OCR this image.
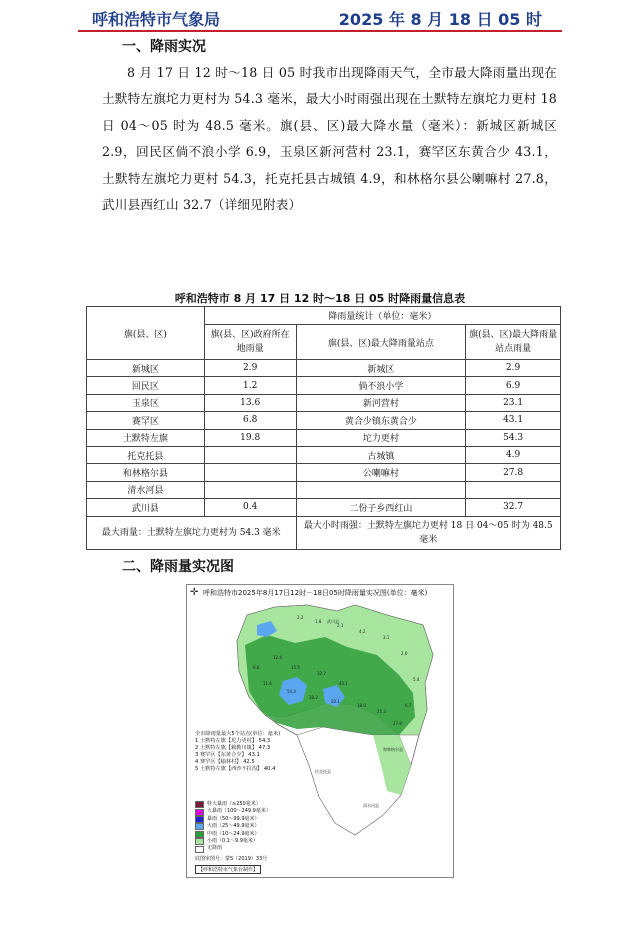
呼和浩特市气象局	2025 年 8 月 18 日 05 时
一、降雨实况
8 月 17 日 12 时～18 日 05 时我市出现降雨天气，全市最大降雨量出现在土默特左旗坨力更村为 54.3 毫米，最大小时雨强出现在土默特左旗坨力更村 18 日 04～05 时为 48.5 毫米。旗(县、区)最大降水量（毫米）：新城区新城区 2.9，回民区倘不浪小学 6.9，玉泉区新河营村 23.1，赛罕区东黄合少 43.1，土默特左旗坨力更村 54.3，托克托县古城镇 4.9，和林格尔县公喇嘛村 27.8，武川县西红山 32.7（详细见附表）
呼和浩特市 8 月 17 日 12 时～18 日 05 时降雨量信息表
旗(县、区)	降雨量统计（单位：毫米）		
	旗(县、区)政府所在地雨量	旗(县、区)最大降雨量站点	旗(县、区)最大降雨量站点雨量
新城区	2.9	新城区	2.9
回民区	1.2	倘不浪小学	6.9
玉泉区	13.6	新河营村	23.1
赛罕区	6.8	黄合少镇东黄合少	43.1
土默特左旗	19.8	坨力更村	54.3
托克托县		古城镇	4.9
和林格尔县		公喇嘛村	27.8
清水河县			
武川县	0.4	二份子乡西红山	32.7
最大雨量：土默特左旗坨力更村为 54.3 毫米		最大小时雨强：土默特左旗坨力更村 18 日 04～05 时为 48.5 毫米	
二、降雨量实况图
✛ 呼和浩特市2025年8月17日12时－18日05时降雨量实况图(单位：毫米)
武川县
托克托县
和林格尔县
清水河县
2.2
1.8
2.1
4.2
3.1
2.0
12.4
15.5
32.7
43.1
54.3
38.2
20.1
18.0
25.3
27.8
11.6
9.8
5.4
6.7
全市降雨量最大5个站点(单位：毫米)
1 土默特左旗【坨力更村】 54.3
2 土默特左旗【敕勒川镇】 47.3
3 赛罕区【东黄合少】 43.1
4 赛罕区【榆林村】 42.5
5 土默特左旗【西沙不拉沟】 40.4
特大暴雨（≥250毫米）
大暴雨（100～249.9毫米）
暴雨（50～99.9毫米）
大雨（25～49.9毫米）
中雨（10～24.9毫米）
小雨（0.1～9.9毫米）
无降雨
底图审图号：蒙S（2019）33号
【呼和浩特市气象台制作】
